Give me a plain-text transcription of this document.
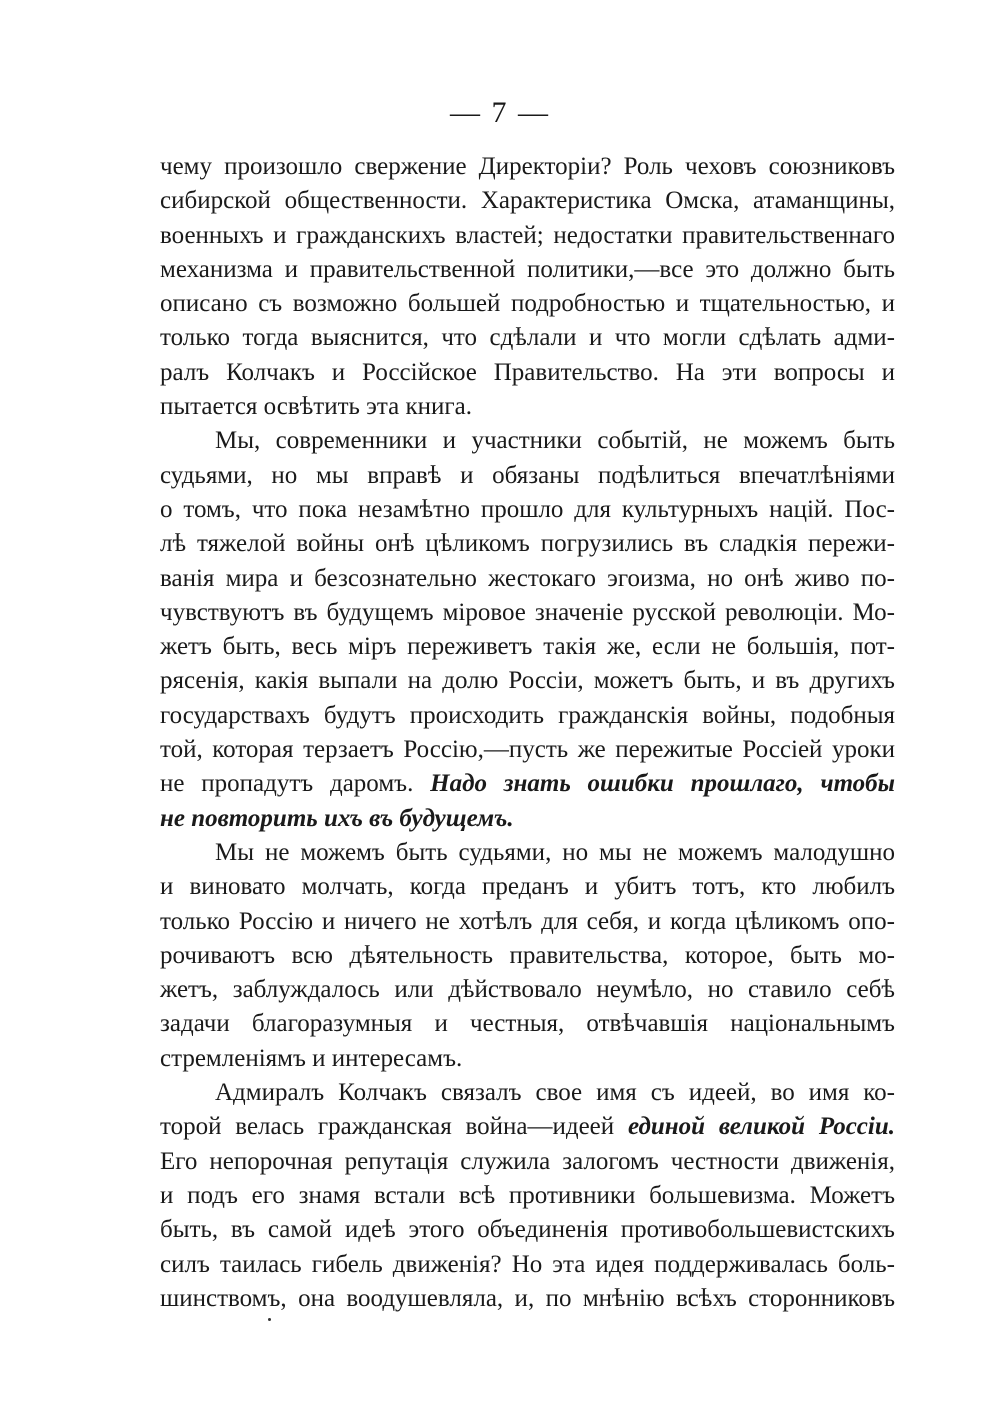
— 7 —
чему произошло свержение Директорiи? Роль чеховъ союзниковъ
сибирской общественности. Характеристика Омска, атаманщины,
военныхъ и гражданскихъ властей; недостатки правительственнаго
механизма и правительственной политики,—все это должно быть
описано съ возможно большей подробностью и тщательностью, и
только тогда выяснится, что сдѣлали и что могли сдѣлать адми-
ралъ Колчакъ и Россiйское Правительство. На эти вопросы и
пытается освѣтить эта книга.
Мы, современники и участники событiй, не можемъ быть
судьями, но мы вправѣ и обязаны подѣлиться впечатлѣнiями
о томъ, что пока незамѣтно прошло для культурныхъ нацiй. Пос-
лѣ тяжелой войны онѣ цѣликомъ погрузились въ сладкiя пережи-
ванiя мира и безсознательно жестокаго эгоизма, но онѣ живо по-
чувствуютъ въ будущемъ мiровое значенiе русской революцiи. Мо-
жетъ быть, весь мiръ переживетъ такiя же, если не большiя, пот-
рясенiя, какiя выпали на долю Россiи, можетъ быть, и въ другихъ
государствахъ будутъ происходить гражданскiя войны, подобныя
той, которая терзаетъ Россiю,—пусть же пережитые Россiей уроки
не пропадутъ даромъ. Надо знать ошибки прошлаго, чтобы
не повторить ихъ въ будущемъ.
Мы не можемъ быть судьями, но мы не можемъ малодушно
и виновато молчать, когда преданъ и убитъ тотъ, кто любилъ
только Россiю и ничего не хотѣлъ для себя, и когда цѣликомъ опо-
рочиваютъ всю дѣятельность правительства, которое, быть мо-
жетъ, заблуждалось или дѣйствовало неумѣло, но ставило себѣ
задачи благоразумныя и честныя, отвѣчавшiя нацiональнымъ
стремленiямъ и интересамъ.
Адмиралъ Колчакъ связалъ свое имя съ идеей, во имя ко-
торой велась гражданская война—идеей единой великой Россiи.
Его непорочная репутацiя служила залогомъ честности движенiя,
и подъ его знамя встали всѣ противники большевизма. Можетъ
быть, въ самой идеѣ этого объединенiя противобольшевистскихъ
силъ таилась гибель движенiя? Но эта идея поддерживалась боль-
шинствомъ, она воодушевляла, и, по мнѣнiю всѣхъ сторонниковъ
